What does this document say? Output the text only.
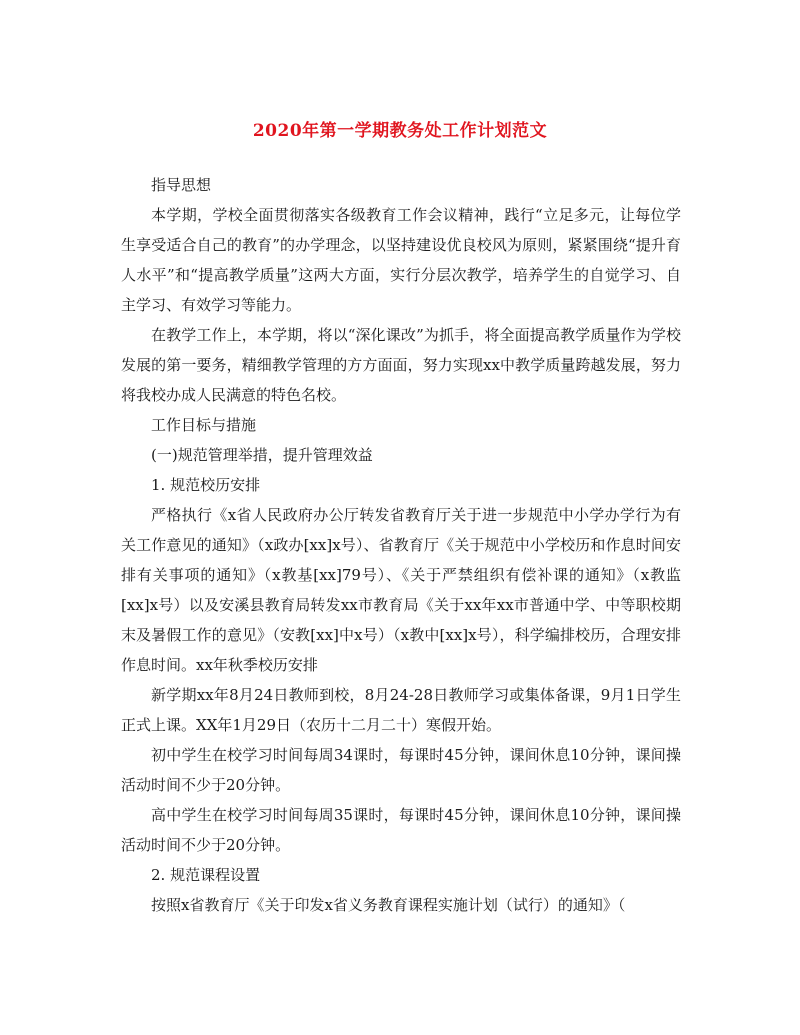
2020年第一学期教务处工作计划范文

指导思想

本学期，学校全面贯彻落实各级教育工作会议精神，践行“立足多元，让每位学生享受适合自己的教育”的办学理念，以坚持建设优良校风为原则，紧紧围绕“提升育人水平”和“提高教学质量”这两大方面，实行分层次教学，培养学生的自觉学习、自主学习、有效学习等能力。

在教学工作上，本学期，将以“深化课改”为抓手，将全面提高教学质量作为学校发展的第一要务，精细教学管理的方方面面，努力实现xx中教学质量跨越发展，努力将我校办成人民满意的特色名校。

工作目标与措施

(一)规范管理举措，提升管理效益

1. 规范校历安排

严格执行《x省人民政府办公厅转发省教育厅关于进一步规范中小学办学行为有关工作意见的通知》（x政办[xx]x号）、省教育厅《关于规范中小学校历和作息时间安排有关事项的通知》（x教基[xx]79号）、《关于严禁组织有偿补课的通知》（x教监[xx]x号）以及安溪县教育局转发xx市教育局《关于xx年xx市普通中学、中等职校期末及暑假工作的意见》（安教[xx]中x号）（x教中[xx]x号），科学编排校历，合理安排作息时间。xx年秋季校历安排

新学期xx年8月24日教师到校，8月24-28日教师学习或集体备课，9月1日学生正式上课。XX年1月29日（农历十二月二十）寒假开始。

初中学生在校学习时间每周34课时，每课时45分钟，课间休息10分钟，课间操活动时间不少于20分钟。

高中学生在校学习时间每周35课时，每课时45分钟，课间休息10分钟，课间操活动时间不少于20分钟。

2. 规范课程设置

按照x省教育厅《关于印发x省义务教育课程实施计划（试行）的通知》（
